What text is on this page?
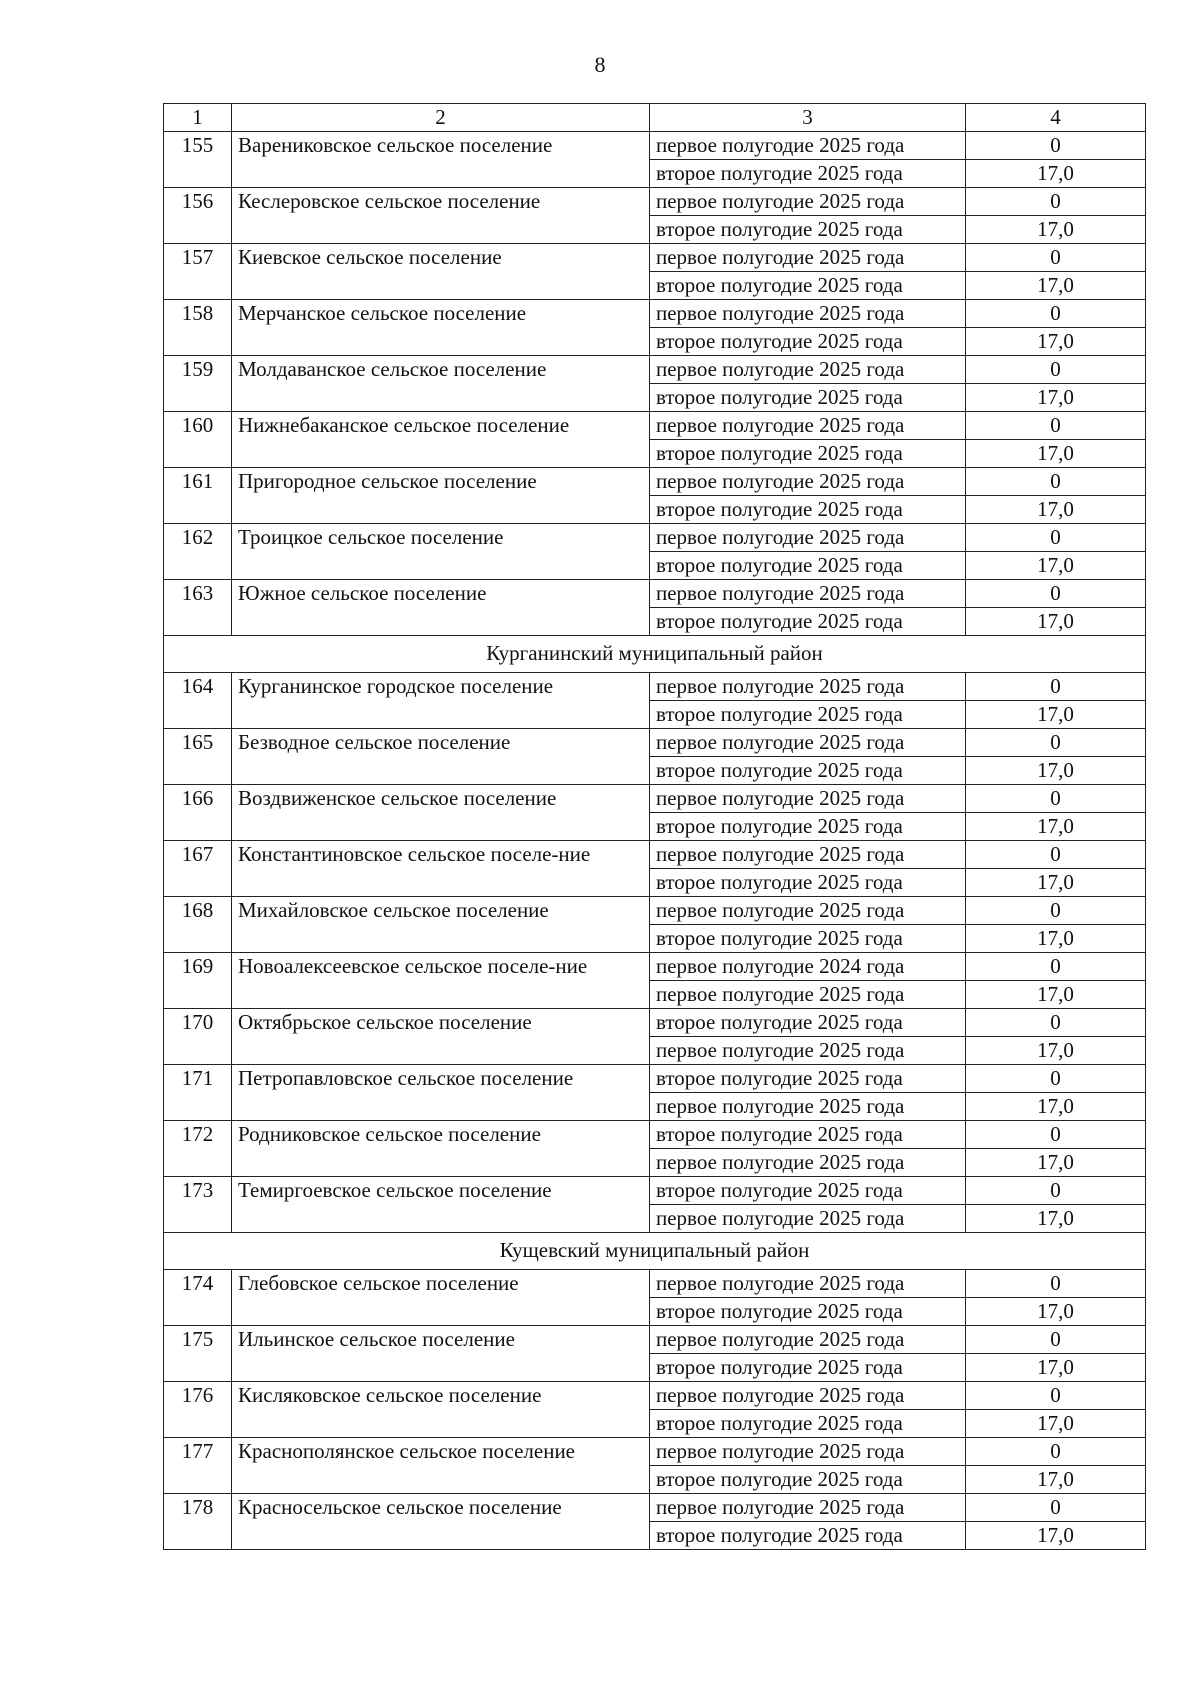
8
1	2	3	4
155	Варениковское сельское поселение	первое полугодие 2025 года	0
		второе полугодие 2025 года	17,0
156	Кеслеровское сельское поселение	первое полугодие 2025 года	0
		второе полугодие 2025 года	17,0
157	Киевское сельское поселение	первое полугодие 2025 года	0
		второе полугодие 2025 года	17,0
158	Мерчанское сельское поселение	первое полугодие 2025 года	0
		второе полугодие 2025 года	17,0
159	Молдаванское сельское поселение	первое полугодие 2025 года	0
		второе полугодие 2025 года	17,0
160	Нижнебаканское сельское поселение	первое полугодие 2025 года	0
		второе полугодие 2025 года	17,0
161	Пригородное сельское поселение	первое полугодие 2025 года	0
		второе полугодие 2025 года	17,0
162	Троицкое сельское поселение	первое полугодие 2025 года	0
		второе полугодие 2025 года	17,0
163	Южное сельское поселение	первое полугодие 2025 года	0
		второе полугодие 2025 года	17,0
Курганинский муниципальный район			
164	Курганинское городское поселение	первое полугодие 2025 года	0
		второе полугодие 2025 года	17,0
165	Безводное сельское поселение	первое полугодие 2025 года	0
		второе полугодие 2025 года	17,0
166	Воздвиженское сельское поселение	первое полугодие 2025 года	0
		второе полугодие 2025 года	17,0
167	Константиновское сельское поселе-ние	первое полугодие 2025 года	0
		второе полугодие 2025 года	17,0
168	Михайловское сельское поселение	первое полугодие 2025 года	0
		второе полугодие 2025 года	17,0
169	Новоалексеевское сельское поселе-ние	первое полугодие 2024 года	0
		первое полугодие 2025 года	17,0
170	Октябрьское сельское поселение	второе полугодие 2025 года	0
		первое полугодие 2025 года	17,0
171	Петропавловское сельское поселение	второе полугодие 2025 года	0
		первое полугодие 2025 года	17,0
172	Родниковское сельское поселение	второе полугодие 2025 года	0
		первое полугодие 2025 года	17,0
173	Темиргоевское сельское поселение	второе полугодие 2025 года	0
		первое полугодие 2025 года	17,0
Кущевский муниципальный район			
174	Глебовское сельское поселение	первое полугодие 2025 года	0
		второе полугодие 2025 года	17,0
175	Ильинское сельское поселение	первое полугодие 2025 года	0
		второе полугодие 2025 года	17,0
176	Кисляковское сельское поселение	первое полугодие 2025 года	0
		второе полугодие 2025 года	17,0
177	Краснополянское сельское поселение	первое полугодие 2025 года	0
		второе полугодие 2025 года	17,0
178	Красносельское сельское поселение	первое полугодие 2025 года	0
		второе полугодие 2025 года	17,0
